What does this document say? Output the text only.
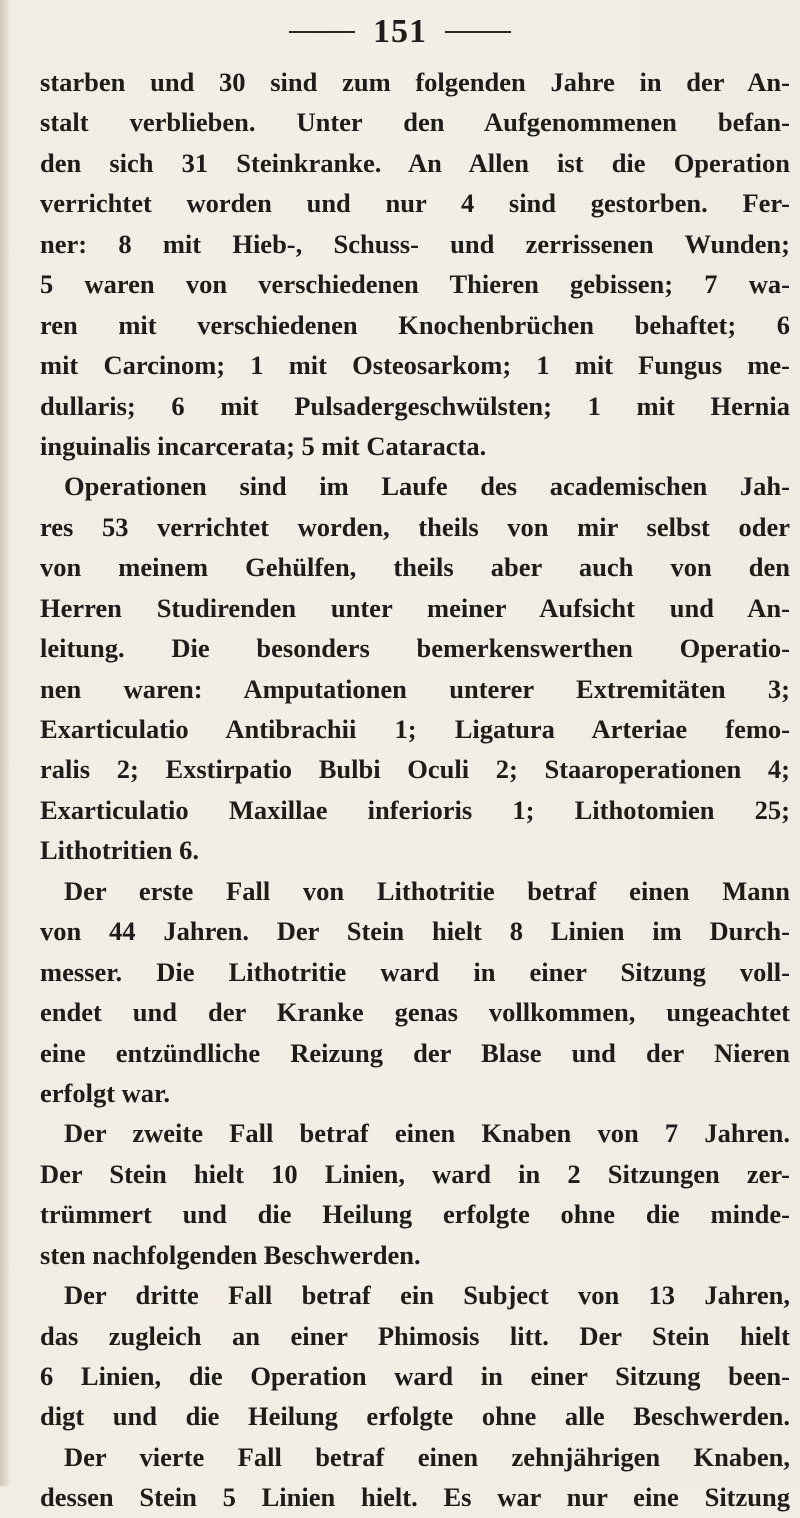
151
starben und 30 sind zum folgenden Jahre in der An-
stalt verblieben. Unter den Aufgenommenen befan-
den sich 31 Steinkranke. An Allen ist die Operation
verrichtet worden und nur 4 sind gestorben. Fer-
ner: 8 mit Hieb-, Schuss- und zerrissenen Wunden;
5 waren von verschiedenen Thieren gebissen; 7 wa-
ren mit verschiedenen Knochenbrüchen behaftet; 6
mit Carcinom; 1 mit Osteosarkom; 1 mit Fungus me-
dullaris; 6 mit Pulsadergeschwülsten; 1 mit Hernia
inguinalis incarcerata; 5 mit Cataracta.
Operationen sind im Laufe des academischen Jah-
res 53 verrichtet worden, theils von mir selbst oder
von meinem Gehülfen, theils aber auch von den
Herren Studirenden unter meiner Aufsicht und An-
leitung. Die besonders bemerkenswerthen Operatio-
nen waren: Amputationen unterer Extremitäten 3;
Exarticulatio Antibrachii 1; Ligatura Arteriae femo-
ralis 2; Exstirpatio Bulbi Oculi 2; Staaroperationen 4;
Exarticulatio Maxillae inferioris 1; Lithotomien 25;
Lithotritien 6.
Der erste Fall von Lithotritie betraf einen Mann
von 44 Jahren. Der Stein hielt 8 Linien im Durch-
messer. Die Lithotritie ward in einer Sitzung voll-
endet und der Kranke genas vollkommen, ungeachtet
eine entzündliche Reizung der Blase und der Nieren
erfolgt war.
Der zweite Fall betraf einen Knaben von 7 Jahren.
Der Stein hielt 10 Linien, ward in 2 Sitzungen zer-
trümmert und die Heilung erfolgte ohne die minde-
sten nachfolgenden Beschwerden.
Der dritte Fall betraf ein Subject von 13 Jahren,
das zugleich an einer Phimosis litt. Der Stein hielt
6 Linien, die Operation ward in einer Sitzung been-
digt und die Heilung erfolgte ohne alle Beschwerden.
Der vierte Fall betraf einen zehnjährigen Knaben,
dessen Stein 5 Linien hielt. Es war nur eine Sitzung
